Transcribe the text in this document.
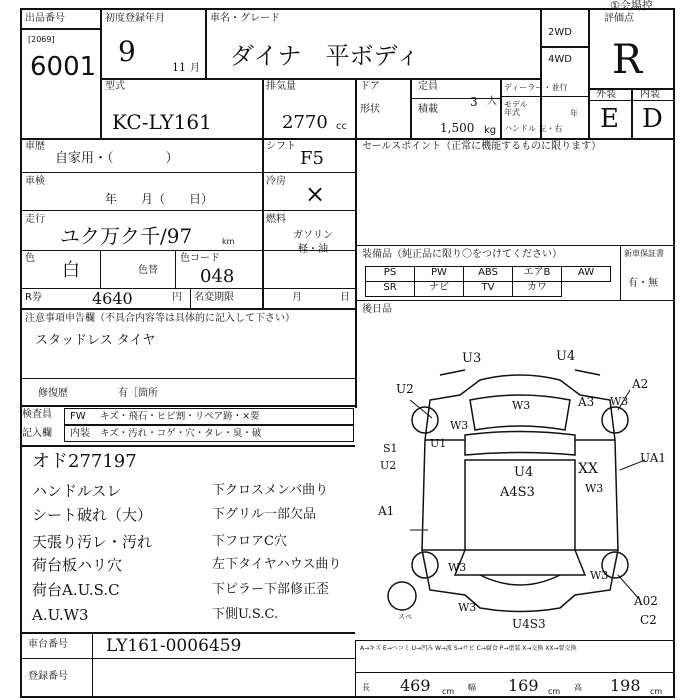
出品番号
[2069]
6001
初度登録年月
9	11 月
車名・グレード
ダイナ　平ボディ
2WD
4WD
①会場控
評価点
R
外装 内装
E D
型式
KC-LY161
排気量
2770 cc
ドア	定員
3 人
形状	積載
1,500 kg
ディーラー・並行
モデル年式	年
ハンドル 左・右
車歴
自家用・（　　　　）
シフト
F5
車検
年　　月（　　日）
冷房 ×
走行
ユク万ク千/97	km
燃料
ガソリン 軽・油
色
白	色替
色コード
048
R券	4640	円 名変期限	月	日
セールスポイント（正常に機能するものに限ります）
装備品（純正品に限り〇をつけてください）	新車保証書
PS	PW	ABS	エアB	AW
SR	ナビ	TV	カワ	有・無
後日品
注意事項申告欄（不具合内容等は具体的に記入して下さい）
スタッドレス タイヤ
修復歴	有［箇所
検査員
記入欄
FW キズ・飛石・ヒビ割・リペア跡・×要
内装 キズ・汚れ・コゲ・穴・タレ・臭・破
オド277197
ハンドルスレ
シート破れ（大）
天張り汚レ・汚れ
荷台板ハリ穴
荷台A.U.S.C
A.U.W3
下クロスメンバ曲り
下グリル一部欠品
下フロアC穴
左下タイヤハウス曲り
下ピラー下部修正歪
下側U.S.C.
車台番号 LY161-0006459
登録番号
A→キズ E→ヘコミ U→凹み W→波 S→サビ C→腐食 P→塗装 X→交換 XX→要交換
長 469 cm 幅 169 cm 高 198 cm
U3	U4
U2	A2
W3	A3 W3
W3
U1
S1
U2
UA1
U4
A4S3
XX
W3
A1
W3
W3
A02
C2
U4S3
W3
スペ
